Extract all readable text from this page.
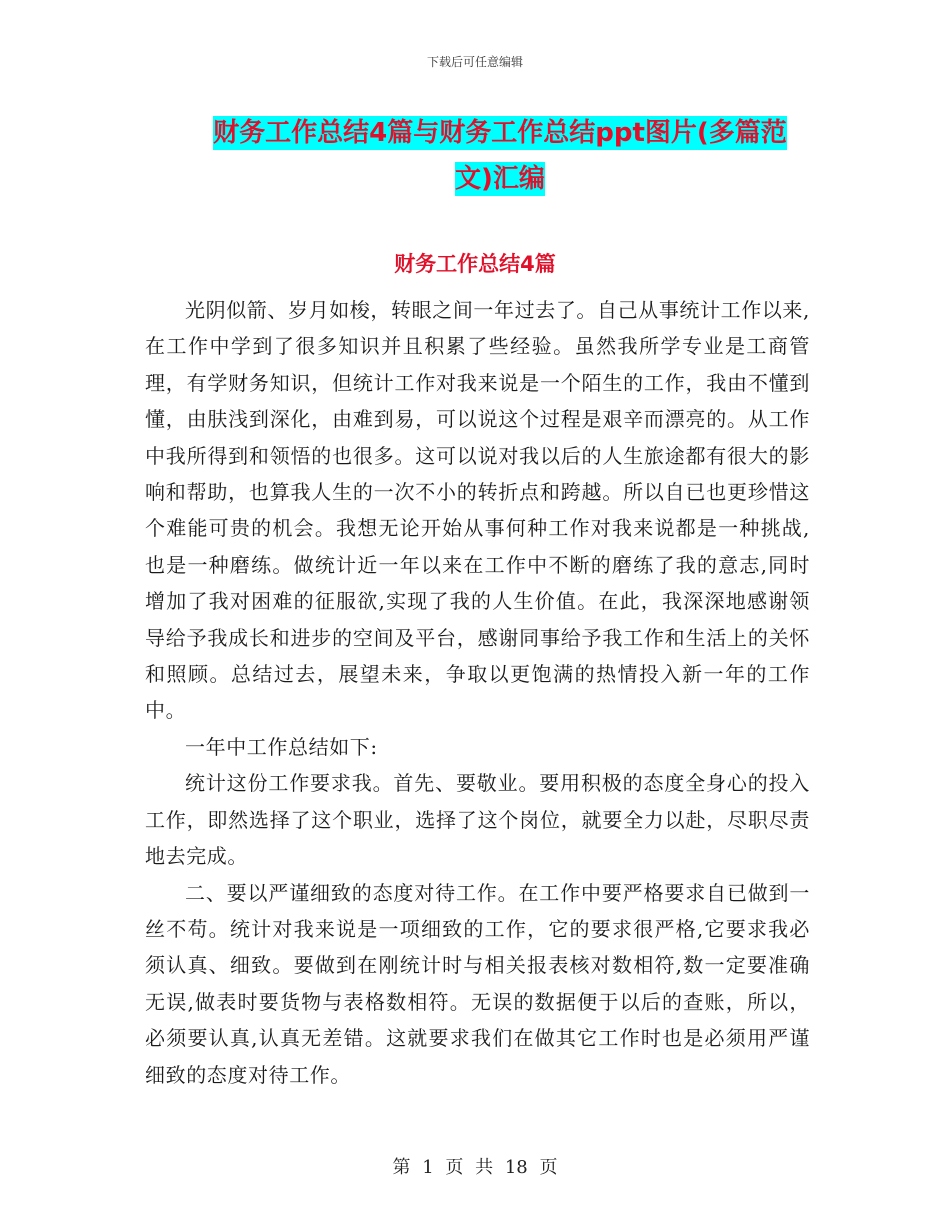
下载后可任意编辑
财务工作总结4篇与财务工作总结ppt图片(多篇范文)汇编
财务工作总结4篇

光阴似箭、岁月如梭，转眼之间一年过去了。自己从事统计工作以来,在工作中学到了很多知识并且积累了些经验。虽然我所学专业是工商管理，有学财务知识，但统计工作对我来说是一个陌生的工作，我由不懂到懂，由肤浅到深化，由难到易，可以说这个过程是艰辛而漂亮的。从工作中我所得到和领悟的也很多。这可以说对我以后的人生旅途都有很大的影响和帮助，也算我人生的一次不小的转折点和跨越。所以自已也更珍惜这个难能可贵的机会。我想无论开始从事何种工作对我来说都是一种挑战,也是一种磨练。做统计近一年以来在工作中不断的磨练了我的意志,同时增加了我对困难的征服欲,实现了我的人生价值。在此，我深深地感谢领导给予我成长和进步的空间及平台，感谢同事给予我工作和生活上的关怀和照顾。总结过去，展望未来，争取以更饱满的热情投入新一年的工作中。

一年中工作总结如下:

统计这份工作要求我。首先、要敬业。要用积极的态度全身心的投入工作，即然选择了这个职业，选择了这个岗位，就要全力以赴，尽职尽责地去完成。

二、要以严谨细致的态度对待工作。在工作中要严格要求自已做到一丝不苟。统计对我来说是一项细致的工作，它的要求很严格,它要求我必须认真、细致。要做到在刚统计时与相关报表核对数相符,数一定要准确无误,做表时要货物与表格数相符。无误的数据便于以后的查账，所以，必须要认真,认真无差错。这就要求我们在做其它工作时也是必须用严谨细致的态度对待工作。

第 1 页 共 18 页
